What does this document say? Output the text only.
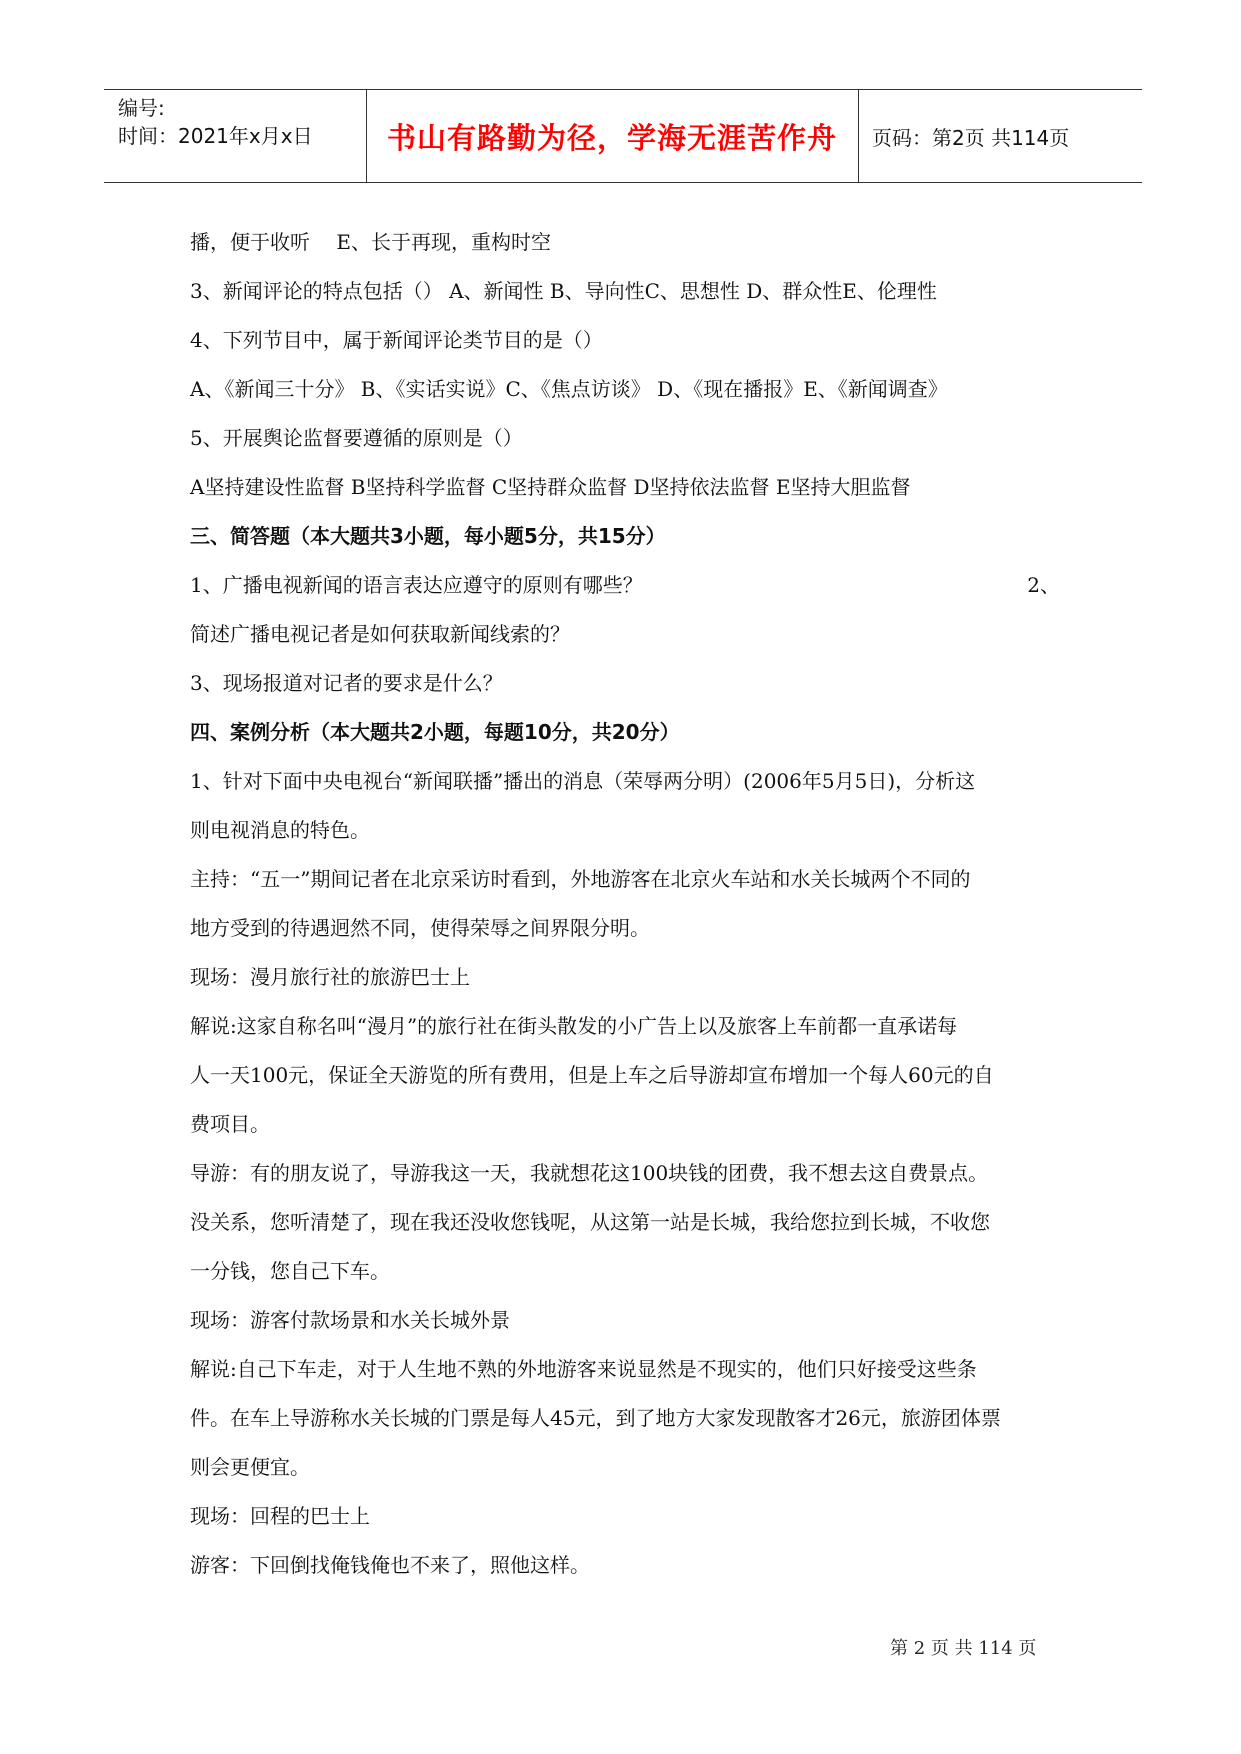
编号:
时间：2021年x月x日	书山有路勤为径，学海无涯苦作舟	页码：第2页 共114页
播，便于收听　 E、长于再现，重构时空
3、新闻评论的特点包括（） A、新闻性 B、导向性C、思想性 D、群众性E、伦理性
4、下列节目中，属于新闻评论类节目的是（）
A、《新闻三十分》 B、《实话实说》C、《焦点访谈》 D、《现在播报》E、《新闻调查》
5、开展舆论监督要遵循的原则是（）
A坚持建设性监督 B坚持科学监督 C坚持群众监督 D坚持依法监督 E坚持大胆监督
三、简答题（本大题共3小题，每小题5分，共15分）
1、广播电视新闻的语言表达应遵守的原则有哪些？	2、
简述广播电视记者是如何获取新闻线索的？
3、现场报道对记者的要求是什么？
四、案例分析（本大题共2小题，每题10分，共20分）
1、针对下面中央电视台“新闻联播”播出的消息（荣辱两分明）(2006年5月5日)，分析这
则电视消息的特色。
主持：“五一”期间记者在北京采访时看到，外地游客在北京火车站和水关长城两个不同的
地方受到的待遇迥然不同，使得荣辱之间界限分明。
现场：漫月旅行社的旅游巴士上
解说:这家自称名叫“漫月”的旅行社在街头散发的小广告上以及旅客上车前都一直承诺每
人一天100元，保证全天游览的所有费用，但是上车之后导游却宣布增加一个每人60元的自
费项目。
导游：有的朋友说了，导游我这一天，我就想花这100块钱的团费，我不想去这自费景点。
没关系，您听清楚了，现在我还没收您钱呢，从这第一站是长城，我给您拉到长城，不收您
一分钱，您自己下车。
现场：游客付款场景和水关长城外景
解说:自己下车走，对于人生地不熟的外地游客来说显然是不现实的，他们只好接受这些条
件。在车上导游称水关长城的门票是每人45元，到了地方大家发现散客才26元，旅游团体票
则会更便宜。
现场：回程的巴士上
游客：下回倒找俺钱俺也不来了，照他这样。
第 2 页 共 114 页
